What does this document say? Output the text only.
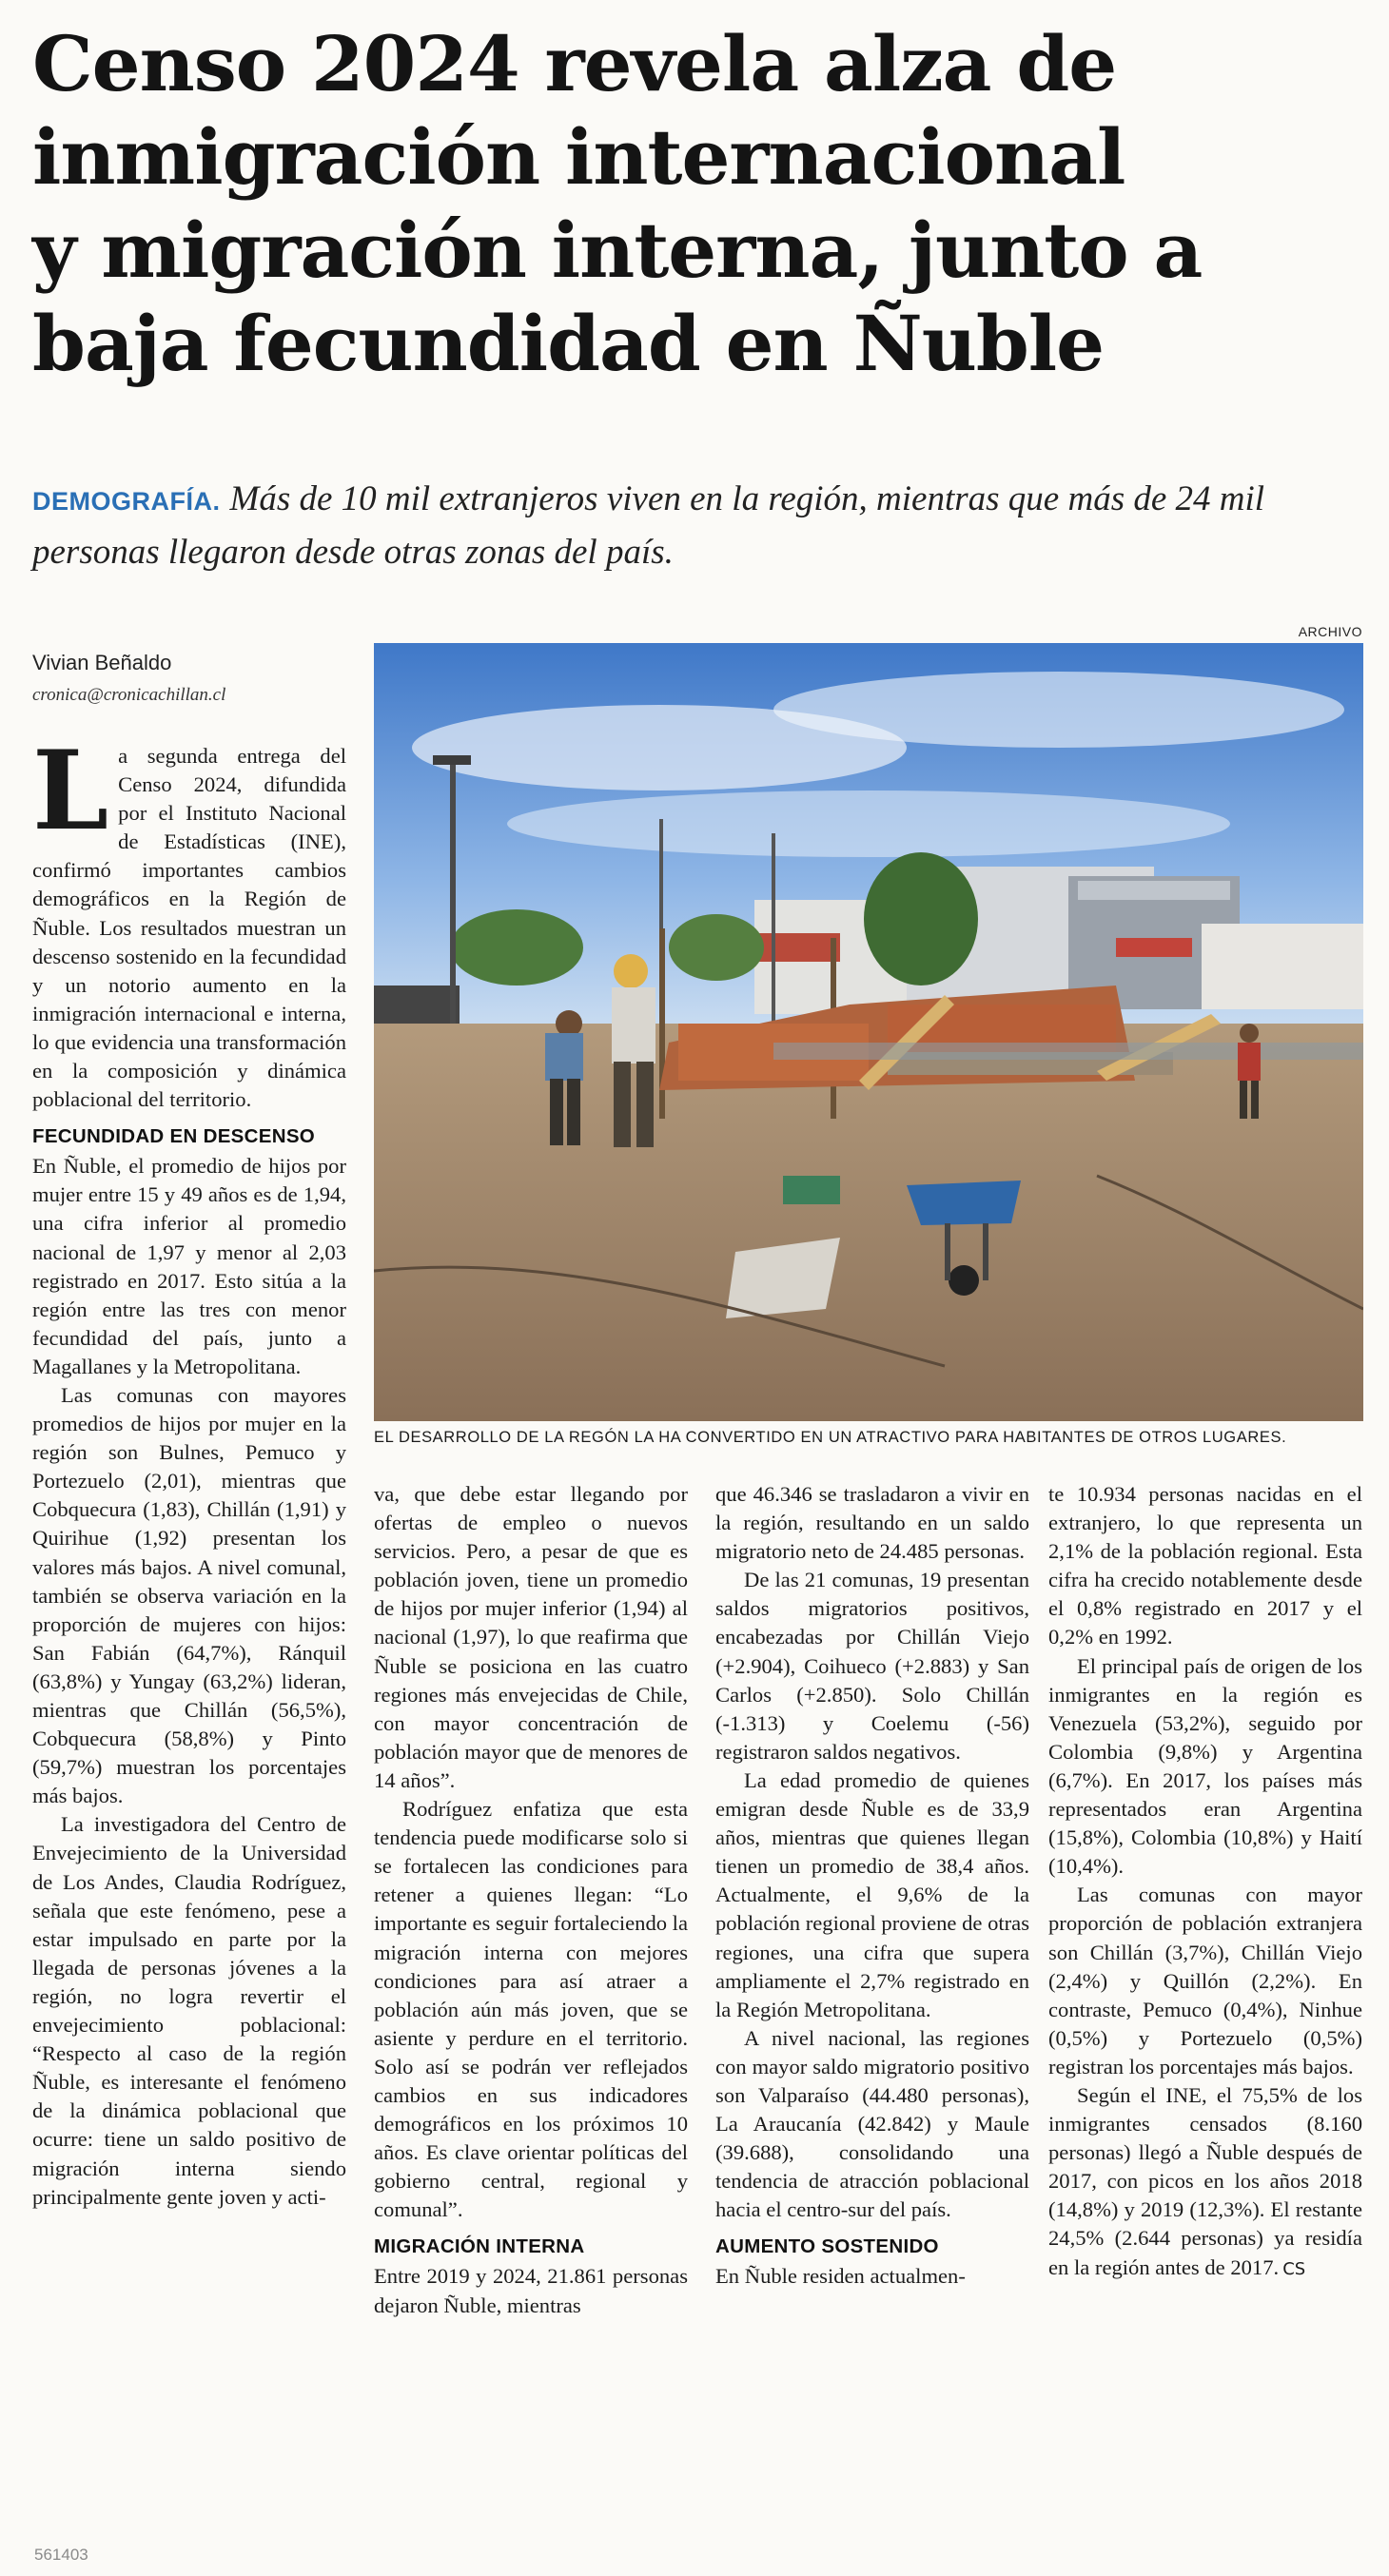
Censo 2024 revela alza de
inmigración internacional
y migración interna, junto a
baja fecundidad en Ñuble
DEMOGRAFÍA. Más de 10 mil extranjeros viven en la región, mientras que más de 24 mil personas llegaron desde otras zonas del país.
Vivian Beñaldo
cronica@cronicachillan.cl
ARCHIVO
EL DESARROLLO DE LA REGÓN LA HA CONVERTIDO EN UN ATRACTIVO PARA HABITANTES DE OTROS LUGARES.

La segunda entrega del Censo 2024, difundida por el Instituto Nacional de Estadísticas (INE), confirmó importantes cambios demográficos en la Región de Ñuble. Los resultados muestran un descenso sostenido en la fecundidad y un notorio aumento en la inmigración internacional e interna, lo que evidencia una transformación en la composición y dinámica poblacional del territorio.

FECUNDIDAD EN DESCENSO

En Ñuble, el promedio de hijos por mujer entre 15 y 49 años es de 1,94, una cifra inferior al promedio nacional de 1,97 y menor al 2,03 registrado en 2017. Esto sitúa a la región entre las tres con menor fecundidad del país, junto a Magallanes y la Metropolitana.

Las comunas con mayores promedios de hijos por mujer en la región son Bulnes, Pemuco y Portezuelo (2,01), mientras que Cobquecura (1,83), Chillán (1,91) y Quirihue (1,92) presentan los valores más bajos. A nivel comunal, también se observa variación en la proporción de mujeres con hijos: San Fabián (64,7%), Ránquil (63,8%) y Yungay (63,2%) lideran, mientras que Chillán (56,5%), Cobquecura (58,8%) y Pinto (59,7%) muestran los porcentajes más bajos.

La investigadora del Centro de Envejecimiento de la Universidad de Los Andes, Claudia Rodríguez, señala que este fenómeno, pese a estar impulsado en parte por la llegada de personas jóvenes a la región, no logra revertir el envejecimiento poblacional: “Respecto al caso de la región Ñuble, es interesante el fenómeno de la dinámica poblacional que ocurre: tiene un saldo positivo de migración interna siendo principalmente gente joven y acti-

va, que debe estar llegando por ofertas de empleo o nuevos servicios. Pero, a pesar de que es población joven, tiene un promedio de hijos por mujer inferior (1,94) al nacional (1,97), lo que reafirma que Ñuble se posiciona en las cuatro regiones más envejecidas de Chile, con mayor concentración de población mayor que de menores de 14 años”.

Rodríguez enfatiza que esta tendencia puede modificarse solo si se fortalecen las condiciones para retener a quienes llegan: “Lo importante es seguir fortaleciendo la migración interna con mejores condiciones para así atraer a población aún más joven, que se asiente y perdure en el territorio. Solo así se podrán ver reflejados cambios en sus indicadores demográficos en los próximos 10 años. Es clave orientar políticas del gobierno central, regional y comunal”.

MIGRACIÓN INTERNA

Entre 2019 y 2024, 21.861 personas dejaron Ñuble, mientras

que 46.346 se trasladaron a vivir en la región, resultando en un saldo migratorio neto de 24.485 personas.

De las 21 comunas, 19 presentan saldos migratorios positivos, encabezadas por Chillán Viejo (+2.904), Coihueco (+2.883) y San Carlos (+2.850). Solo Chillán (-1.313) y Coelemu (-56) registraron saldos negativos.

La edad promedio de quienes emigran desde Ñuble es de 33,9 años, mientras que quienes llegan tienen un promedio de 38,4 años. Actualmente, el 9,6% de la población regional proviene de otras regiones, una cifra que supera ampliamente el 2,7% registrado en la Región Metropolitana.

A nivel nacional, las regiones con mayor saldo migratorio positivo son Valparaíso (44.480 personas), La Araucanía (42.842) y Maule (39.688), consolidando una tendencia de atracción poblacional hacia el centro-sur del país.

AUMENTO SOSTENIDO

En Ñuble residen actualmen-

te 10.934 personas nacidas en el extranjero, lo que representa un 2,1% de la población regional. Esta cifra ha crecido notablemente desde el 0,8% registrado en 2017 y el 0,2% en 1992.

El principal país de origen de los inmigrantes en la región es Venezuela (53,2%), seguido por Colombia (9,8%) y Argentina (6,7%). En 2017, los países más representados eran Argentina (15,8%), Colombia (10,8%) y Haití (10,4%).

Las comunas con mayor proporción de población extranjera son Chillán (3,7%), Chillán Viejo (2,4%) y Quillón (2,2%). En contraste, Pemuco (0,4%), Ninhue (0,5%) y Portezuelo (0,5%) registran los porcentajes más bajos.

Según el INE, el 75,5% de los inmigrantes censados (8.160 personas) llegó a Ñuble después de 2017, con picos en los años 2018 (14,8%) y 2019 (12,3%). El restante 24,5% (2.644 personas) ya residía en la región antes de 2017. CS

561403
